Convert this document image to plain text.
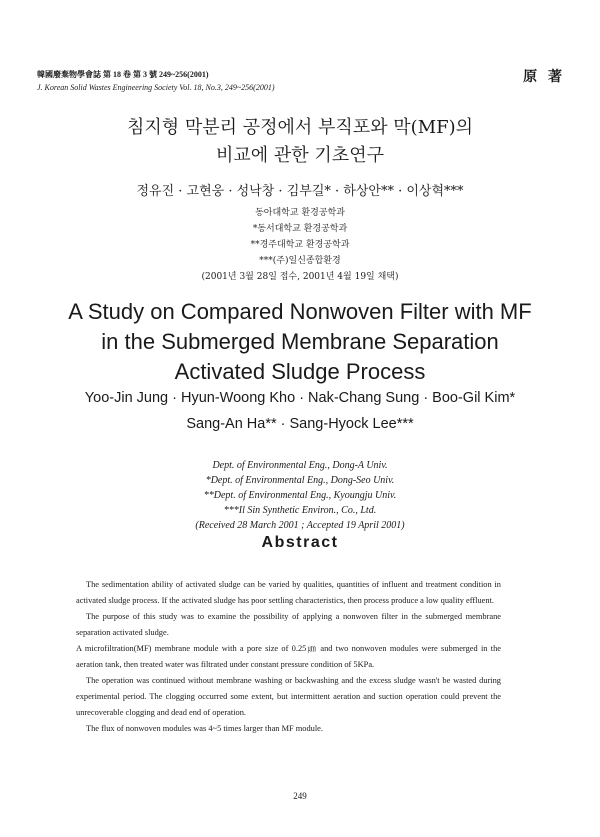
韓國廢棄物學會誌 第 18 卷 第 3 號 249~256(2001)
J. Korean Solid Wastes Engineering Society Vol. 18, No.3, 249~256(2001)
原 著
침지형 막분리 공정에서 부직포와 막(MF)의
비교에 관한 기초연구
정유진 · 고현웅 · 성낙창 · 김부길* · 하상안** · 이상혁***
동아대학교 환경공학과
*동서대학교 환경공학과
**경주대학교 환경공학과
***(주)일신종합환경
(2001년 3월 28일 접수, 2001년 4월 19일 채택)
A Study on Compared Nonwoven Filter with MF
in the Submerged Membrane Separation
Activated Sludge Process
Yoo-Jin Jung · Hyun-Woong Kho · Nak-Chang Sung · Boo-Gil Kim*
Sang-An Ha** · Sang-Hyock Lee***
Dept. of Environmental Eng., Dong-A Univ.
*Dept. of Environmental Eng., Dong-Seo Univ.
**Dept. of Environmental Eng., Kyoungju Univ.
***Il Sin Synthetic Environ., Co., Ltd.
(Received 28 March 2001 ; Accepted 19 April 2001)
Abstract

The sedimentation ability of activated sludge can be varied by qualities, quantities of influent and treatment condition in activated sludge process. If the activated sludge has poor settling characteristics, then process produce a low quality effluent.

The purpose of this study was to examine the possibility of applying a nonwoven filter in the submerged membrane separation activated sludge.

A microfiltration(MF) membrane module with a pore size of 0.25㎛ and two nonwoven modules were submerged in the aeration tank, then treated water was filtrated under constant pressure condition of 5KPa.

The operation was continued without membrane washing or backwashing and the excess sludge wasn't be wasted during experimental period. The clogging occurred some extent, but intermittent aeration and suction operation could prevent the unrecoverable clogging and dead end of operation.

The flux of nonwoven modules was 4~5 times larger than MF module.

249
